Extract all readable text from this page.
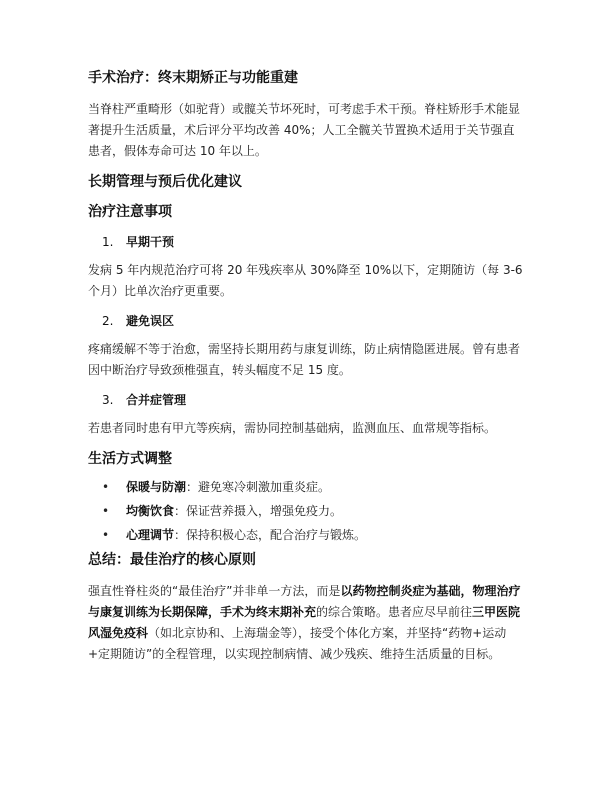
手术治疗：终末期矫正与功能重建

当脊柱严重畸形（如驼背）或髋关节坏死时，可考虑手术干预。脊柱矫形手术能显著提升生活质量，术后评分平均改善 40%；人工全髋关节置换术适用于关节强直患者，假体寿命可达 10 年以上。

长期管理与预后优化建议
治疗注意事项
1.	早期干预

发病 5 年内规范治疗可将 20 年残疾率从 30%降至 10%以下，定期随访（每 3-6 个月）比单次治疗更重要。

2.	避免误区

疼痛缓解不等于治愈，需坚持长期用药与康复训练，防止病情隐匿进展。曾有患者因中断治疗导致颈椎强直，转头幅度不足 15 度。

3.	合并症管理

若患者同时患有甲亢等疾病，需协同控制基础病，监测血压、血常规等指标。

生活方式调整
•	保暖与防潮 ：避免寒冷刺激加重炎症。
•	均衡饮食 ：保证营养摄入，增强免疫力。
•	心理调节 ：保持积极心态，配合治疗与锻炼。
总结：最佳治疗的核心原则

强直性脊柱炎的“最佳治疗”并非单一方法，而是以药物控制炎症为基础，物理治疗与康复训练为长期保障，手术为终末期补充的综合策略。患者应尽早前往三甲医院风湿免疫科（如北京协和、上海瑞金等），接受个体化方案，并坚持“药物+运动+定期随访”的全程管理，以实现控制病情、减少残疾、维持生活质量的目标。
